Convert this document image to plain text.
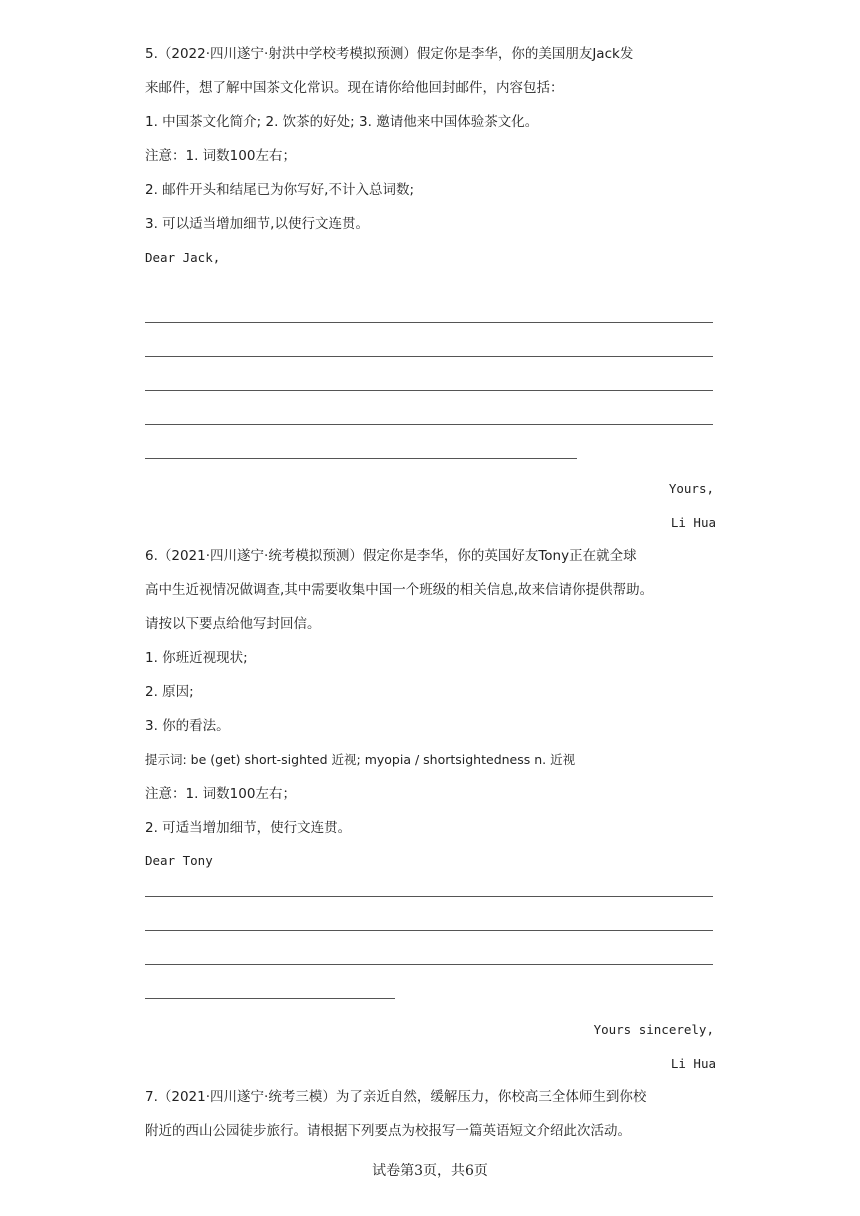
5.（2022·四川遂宁·射洪中学校考模拟预测）假定你是李华，你的美国朋友Jack发
来邮件，想了解中国茶文化常识。现在请你给他回封邮件，内容包括：
1. 中国茶文化简介; 2. 饮茶的好处; 3. 邀请他来中国体验茶文化。
注意：1. 词数100左右；
2. 邮件开头和结尾已为你写好,不计入总词数;
3. 可以适当增加细节,以使行文连贯。
Dear Jack,
Yours,
Li Hua
6.（2021·四川遂宁·统考模拟预测）假定你是李华，你的英国好友Tony正在就全球
高中生近视情况做调查,其中需要收集中国一个班级的相关信息,故来信请你提供帮助。
请按以下要点给他写封回信。
1. 你班近视现状;
2. 原因;
3. 你的看法。
提示词: be (get) short-sighted 近视; myopia / shortsightedness n. 近视
注意：1. 词数100左右；
2. 可适当增加细节，使行文连贯。
Dear Tony
Yours sincerely,
Li Hua
7.（2021·四川遂宁·统考三模）为了亲近自然，缓解压力，你校高三全体师生到你校
附近的西山公园徒步旅行。请根据下列要点为校报写一篇英语短文介绍此次活动。
试卷第3页，共6页
